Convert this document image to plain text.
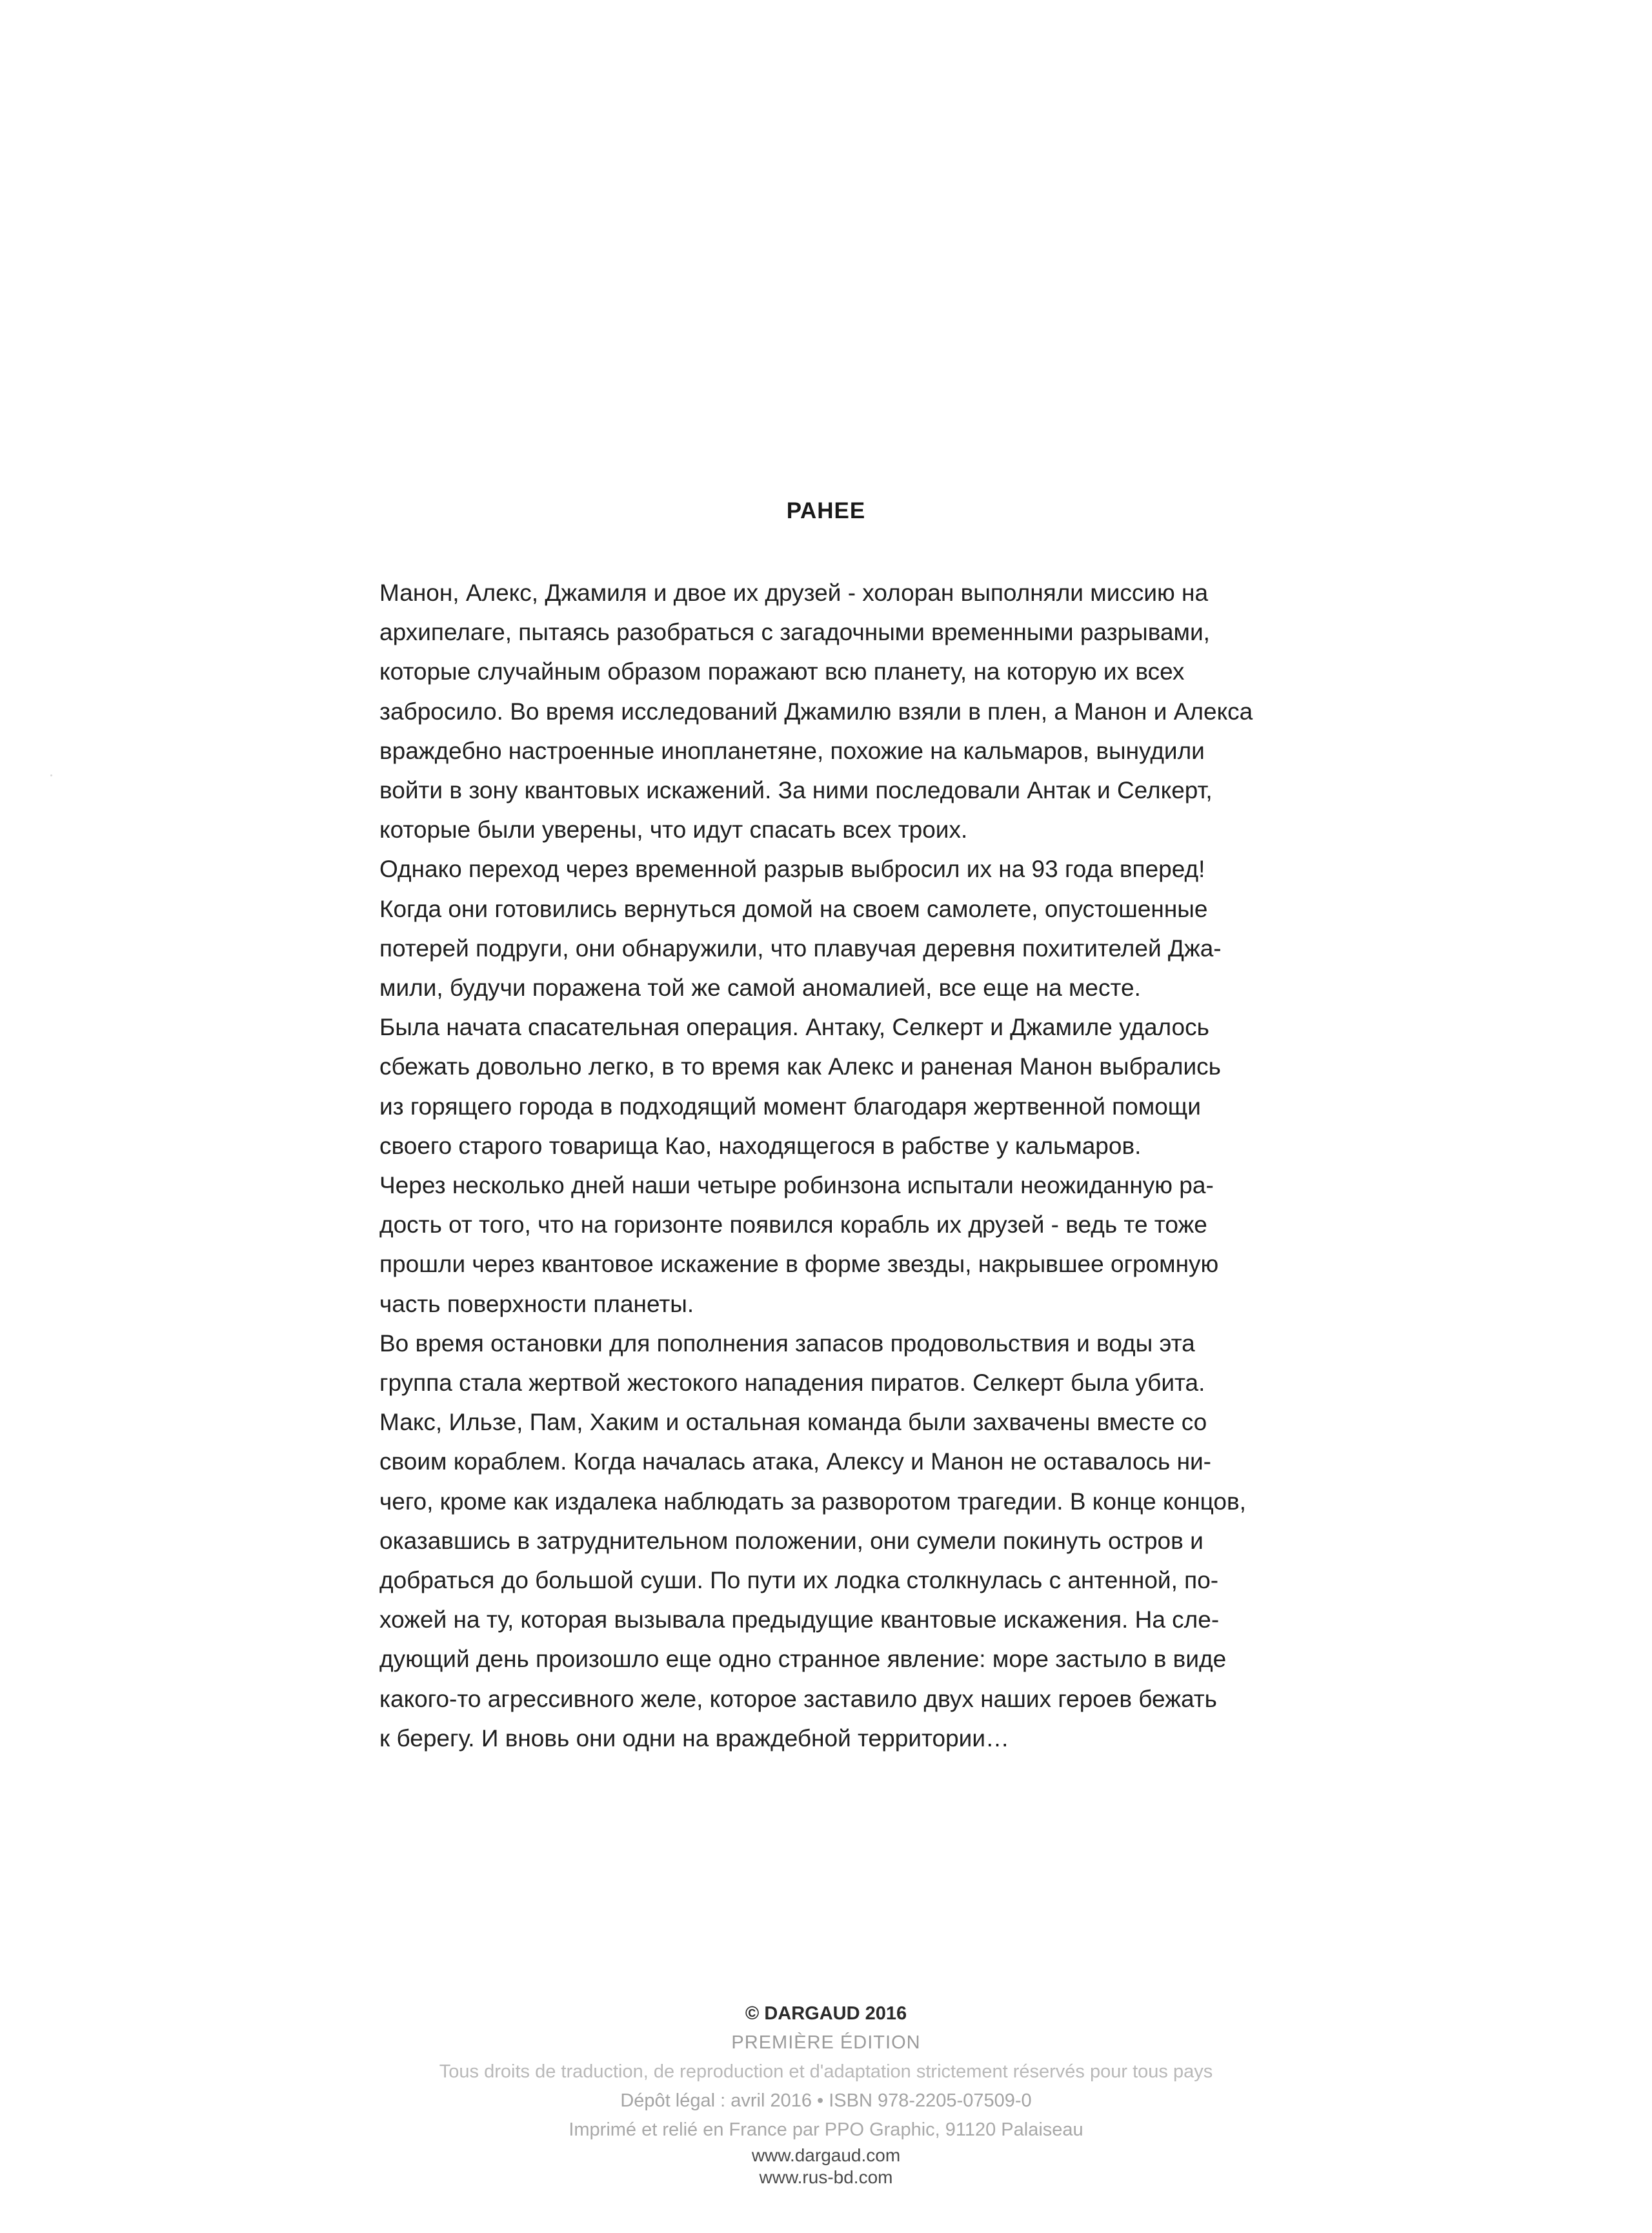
РАНЕЕ
Манон, Алекс, Джамиля и двое их друзей - холоран выполняли миссию на
архипелаге, пытаясь разобраться с загадочными временными разрывами,
которые случайным образом поражают всю планету, на которую их всех
забросило. Во время исследований Джамилю взяли в плен, а Манон и Алекса
враждебно настроенные инопланетяне, похожие на кальмаров, вынудили
войти в зону квантовых искажений. За ними последовали Антак и Селкерт,
которые были уверены, что идут спасать всех троих.
Однако переход через временной разрыв выбросил их на 93 года вперед!
Когда они готовились вернуться домой на своем самолете, опустошенные
потерей подруги, они обнаружили, что плавучая деревня похитителей Джа-
мили, будучи поражена той же самой аномалией, все еще на месте.
Была начата спасательная операция. Антаку, Селкерт и Джамиле удалось
сбежать довольно легко, в то время как Алекс и раненая Манон выбрались
из горящего города в подходящий момент благодаря жертвенной помощи
своего старого товарища Као, находящегося в рабстве у кальмаров.
Через несколько дней наши четыре робинзона испытали неожиданную ра-
дость от того, что на горизонте появился корабль их друзей - ведь те тоже
прошли через квантовое искажение в форме звезды, накрывшее огромную
часть поверхности планеты.
Во время остановки для пополнения запасов продовольствия и воды эта
группа стала жертвой жестокого нападения пиратов. Селкерт была убита.
Макс, Ильзе, Пам, Хаким и остальная команда были захвачены вместе со
своим кораблем. Когда началась атака, Алексу и Манон не оставалось ни-
чего, кроме как издалека наблюдать за разворотом трагедии. В конце концов,
оказавшись в затруднительном положении, они сумели покинуть остров и
добраться до большой суши. По пути их лодка столкнулась с антенной, по-
хожей на ту, которая вызывала предыдущие квантовые искажения. На сле-
дующий день произошло еще одно странное явление: море застыло в виде
какого-то агрессивного желе, которое заставило двух наших героев бежать
к берегу. И вновь они одни на враждебной территории…
© DARGAUD 2016
PREMIÈRE ÉDITION
Tous droits de traduction, de reproduction et d'adaptation strictement réservés pour tous pays
Dépôt légal : avril 2016 • ISBN 978-2205-07509-0
Imprimé et relié en France par PPO Graphic, 91120 Palaiseau
www.dargaud.com
www.rus-bd.com
